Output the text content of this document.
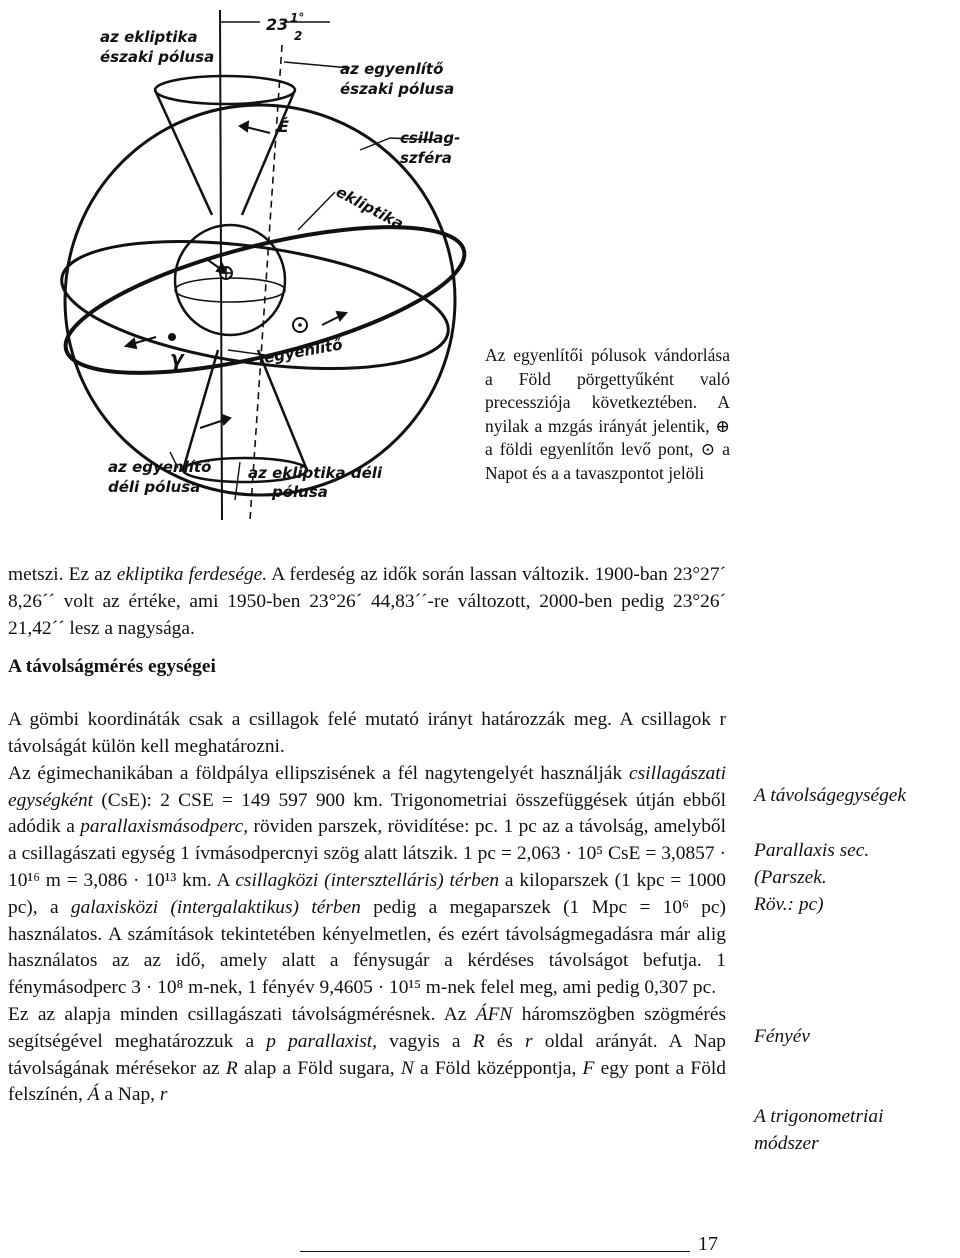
az ekliptika
északi pólusa
23 1°
2
az egyenlítő
északi pólusa
É
csillag-
szféra
ekliptika
γ	egyenlítő
az egyenlítő
déli pólusa
az ekliptika déli
pólusa

Az egyenlítői pólusok vándorlása a Föld pörgettyűként való precessziója következtében. A nyilak a mzgás irányát jelentik, ⊕ a földi egyenlítőn levő pont, ⊙ a Napot és a a tavaszpontot jelöli

metszi. Ez az ekliptika ferdesége. A ferdeség az idők során lassan változik. 1900-ban 23°27´ 8,26´´ volt az értéke, ami 1950-ben 23°26´ 44,83´´-re változott, 2000-ben pedig 23°26´ 21,42´´ lesz a nagysága.

A távolságmérés egységei

A gömbi koordináták csak a csillagok felé mutató irányt határozzák meg. A csillagok r távolságát külön kell meghatározni.

Az égimechanikában a földpálya ellipszisének a fél nagytengelyét használják csillagászati egységként (CsE): 2 CSE = 149 597 900 km. Trigonometriai összefüggések útján ebből adódik a parallaxismásodperc, röviden parszek, rövidítése: pc. 1 pc az a távolság, amelyből a csillagászati egység 1 ívmásodpercnyi szög alatt látszik. 1 pc = 2,063 · 10⁵ CsE = 3,0857 · 10¹⁶ m = 3,086 · 10¹³ km. A csillagközi (intersztelláris) térben a kiloparszek (1 kpc = 1000 pc), a galaxisközi (intergalaktikus) térben pedig a megaparszek (1 Mpc = 10⁶ pc) használatos. A számítások tekintetében kényelmetlen, és ezért távolságmegadásra már alig használatos az az idő, amely alatt a fénysugár a kérdéses távolságot befutja. 1 fénymásodperc 3 · 10⁸ m-nek, 1 fényév 9,4605 · 10¹⁵ m-nek felel meg, ami pedig 0,307 pc.

Ez az alapja minden csillagászati távolságmérésnek. Az ÁFN háromszögben szögmérés segítségével meghatározzuk a p parallaxist, vagyis a R és r oldal arányát. A Nap távolságának mérésekor az R alap a Föld sugara, N a Föld középpontja, F egy pont a Föld felszínén, Á a Nap, r

A távolságegységek

Parallaxis sec.

(Parszek.

Röv.: pc)

Fényév

A trigonometriai

módszer

17
